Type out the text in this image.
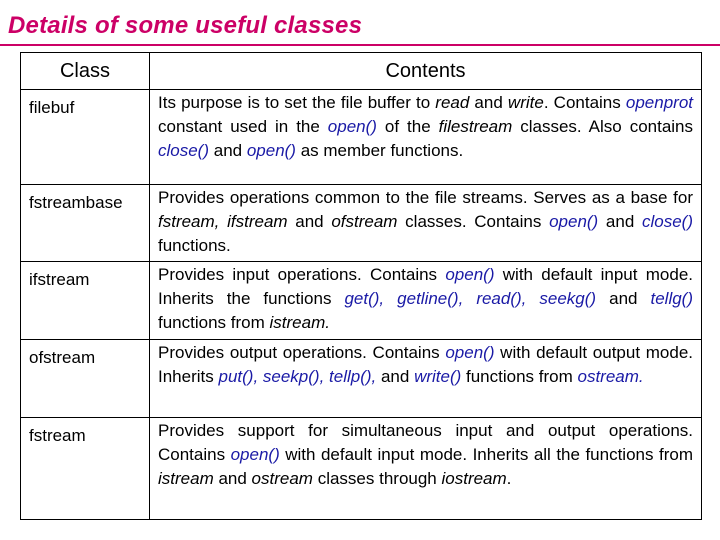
Details of some useful classes
Class	Contents
filebuf	Its purpose is to set the file buffer to read and write. Contains openprot constant used in the open() of the filestream classes. Also contains close() and open() as member functions.
fstreambase	Provides operations common to the file streams. Serves as a base for fstream, ifstream and ofstream classes. Contains open() and close() functions.
ifstream	Provides input operations. Contains open() with default input mode. Inherits the functions get(), getline(), read(), seekg() and tellg() functions from istream.
ofstream	Provides output operations. Contains open() with default output mode. Inherits put(), seekp(), tellp(), and write() functions from ostream.
fstream	Provides support for simultaneous input and output operations. Contains open() with default input mode. Inherits all the functions from istream and ostream classes through iostream.
